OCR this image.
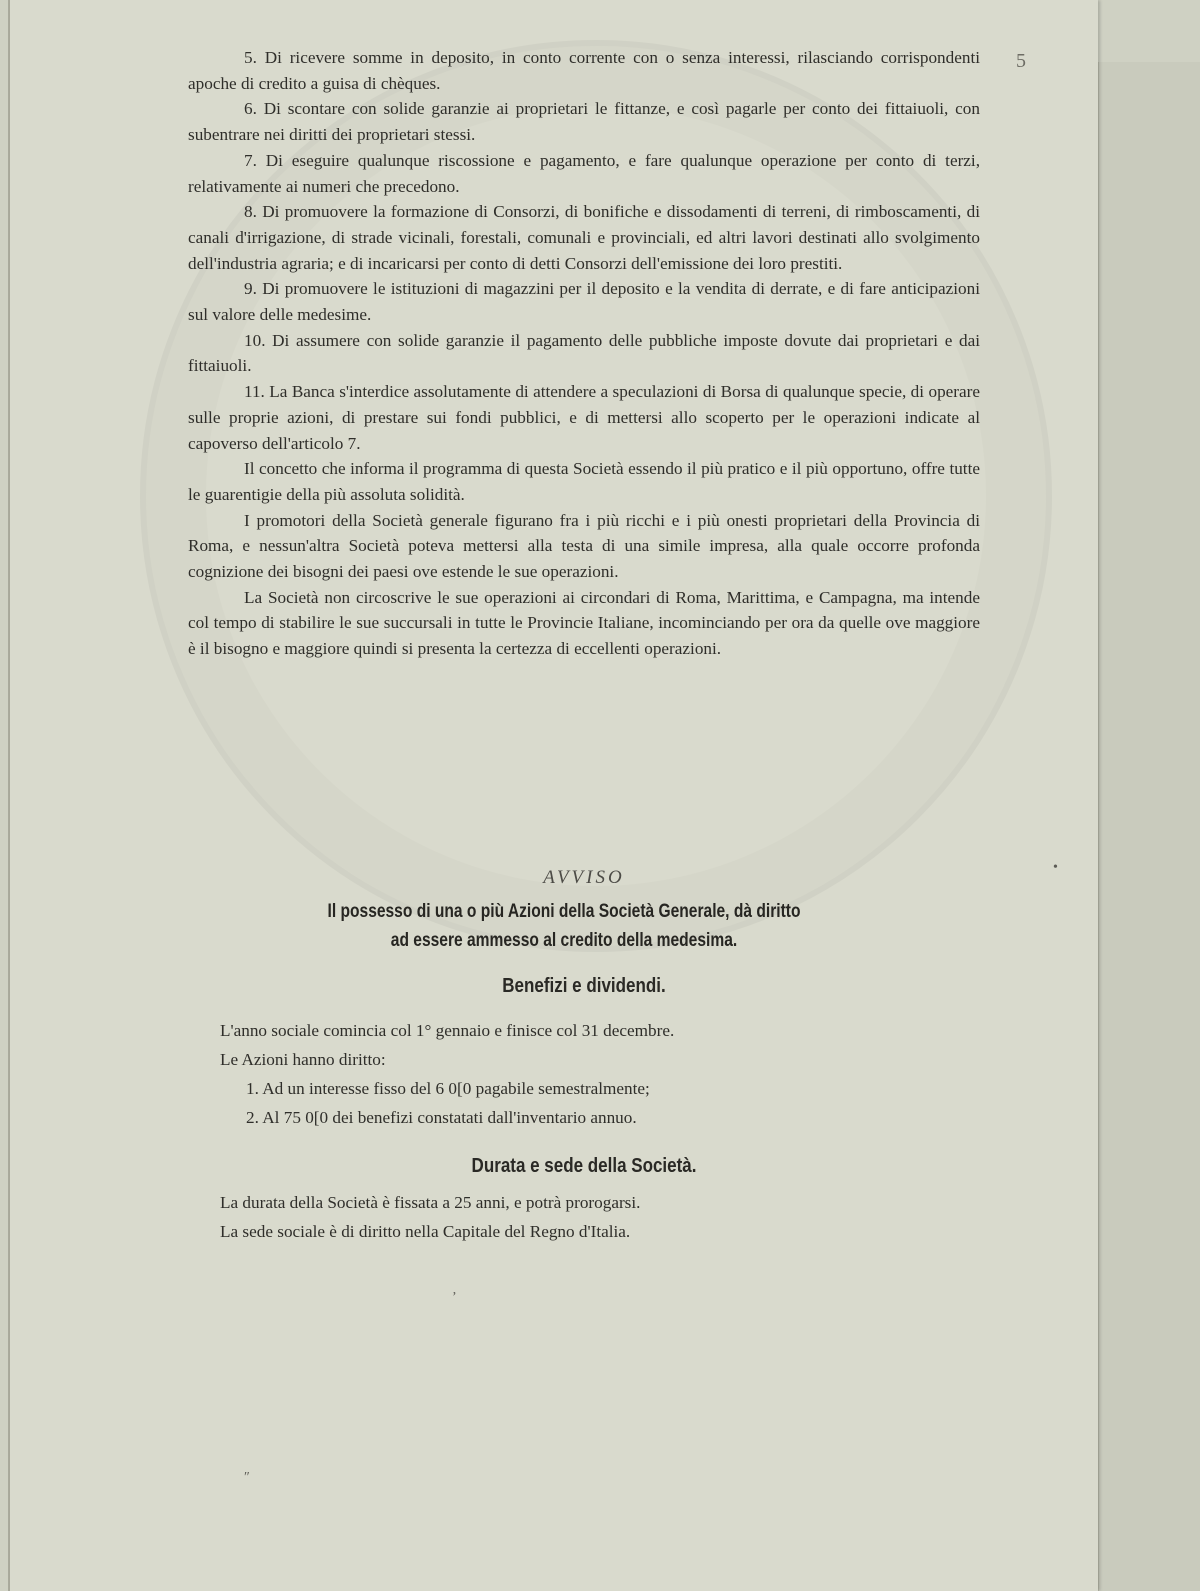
5

5. Di ricevere somme in deposito, in conto corrente con o senza interessi, rilasciando corrispondenti apoche di credito a guisa di chèques.

6. Di scontare con solide garanzie ai proprietari le fittanze, e così pagarle per conto dei fittaiuoli, con subentrare nei diritti dei proprietari stessi.

7. Di eseguire qualunque riscossione e pagamento, e fare qualunque operazione per conto di terzi, relativamente ai numeri che precedono.

8. Di promuovere la formazione di Consorzi, di bonifiche e dissodamenti di terreni, di rimboscamenti, di canali d'irrigazione, di strade vicinali, forestali, comunali e provinciali, ed altri lavori destinati allo svolgimento dell'industria agraria; e di incaricarsi per conto di detti Consorzi dell'emissione dei loro prestiti.

9. Di promuovere le istituzioni di magazzini per il deposito e la vendita di derrate, e di fare anticipazioni sul valore delle medesime.

10. Di assumere con solide garanzie il pagamento delle pubbliche imposte dovute dai proprietari e dai fittaiuoli.

11. La Banca s'interdice assolutamente di attendere a speculazioni di Borsa di qualunque specie, di operare sulle proprie azioni, di prestare sui fondi pubblici, e di mettersi allo scoperto per le operazioni indicate al capoverso dell'articolo 7.

Il concetto che informa il programma di questa Società essendo il più pratico e il più opportuno, offre tutte le guarentigie della più assoluta solidità.

I promotori della Società generale figurano fra i più ricchi e i più onesti proprietari della Provincia di Roma, e nessun'altra Società poteva mettersi alla testa di una simile impresa, alla quale occorre profonda cognizione dei bisogni dei paesi ove estende le sue operazioni.

La Società non circoscrive le sue operazioni ai circondari di Roma, Marittima, e Campagna, ma intende col tempo di stabilire le sue succursali in tutte le Provincie Italiane, incominciando per ora da quelle ove maggiore è il bisogno e maggiore quindi si presenta la certezza di eccellenti operazioni.

AVVISO
Il possesso di una o più Azioni della Società Generale, dà diritto
ad essere ammesso al credito della medesima.
Benefizi e dividendi.

L'anno sociale comincia col 1° gennaio e finisce col 31 decembre.

Le Azioni hanno diritto:

1. Ad un interesse fisso del 6 0[0 pagabile semestralmente;

2. Al 75 0[0 dei benefizi constatati dall'inventario annuo.

Durata e sede della Società.

La durata della Società è fissata a 25 anni, e potrà prorogarsi.

La sede sociale è di diritto nella Capitale del Regno d'Italia.

ʼ
″
•
